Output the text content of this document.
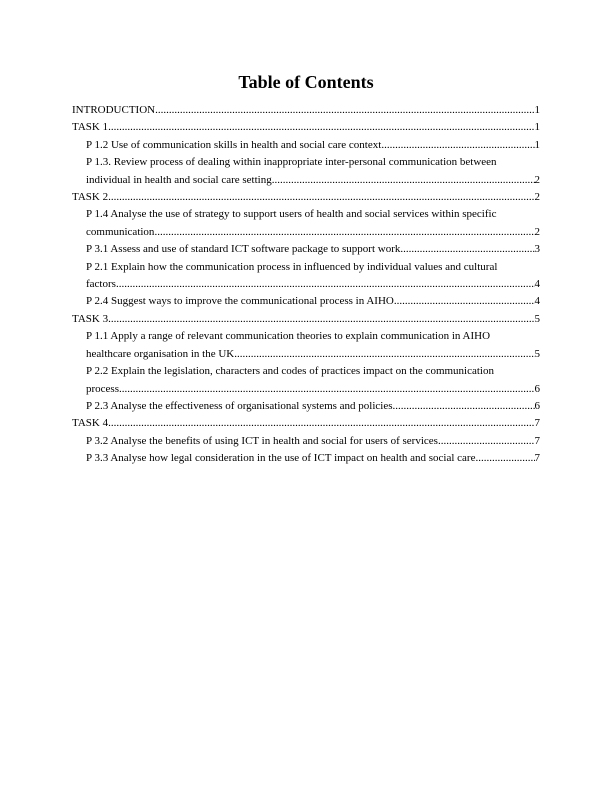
Table of Contents
INTRODUCTION .....	1
TASK 1 .....	1
P 1.2 Use of communication skills in health and social care context .....	1
P 1.3. Review process of dealing within inappropriate inter-personal communication between
individual in health and social care setting .....	2
TASK 2 .....	2
P 1.4 Analyse the use of strategy to support users of health and social services within specific
communication .....	2
P 3.1 Assess and use of standard ICT software package to support work .....	3
P 2.1 Explain how the communication process in influenced by individual values and cultural
factors .....	4
P 2.4 Suggest ways to improve the communicational process in AIHO .....	4
TASK 3 .....	5
P 1.1 Apply a range of relevant communication theories to explain communication in AIHO
healthcare organisation in the UK .....	5
P 2.2 Explain the legislation, characters and codes of practices impact on the communication
process .....	6
P 2.3 Analyse the effectiveness of organisational systems and policies .....	6
TASK 4 .....	7
P 3.2 Analyse the benefits of using ICT in health and social for users of services .....	7
P 3.3 Analyse how legal consideration in the use of ICT impact on health and social care .....	7
